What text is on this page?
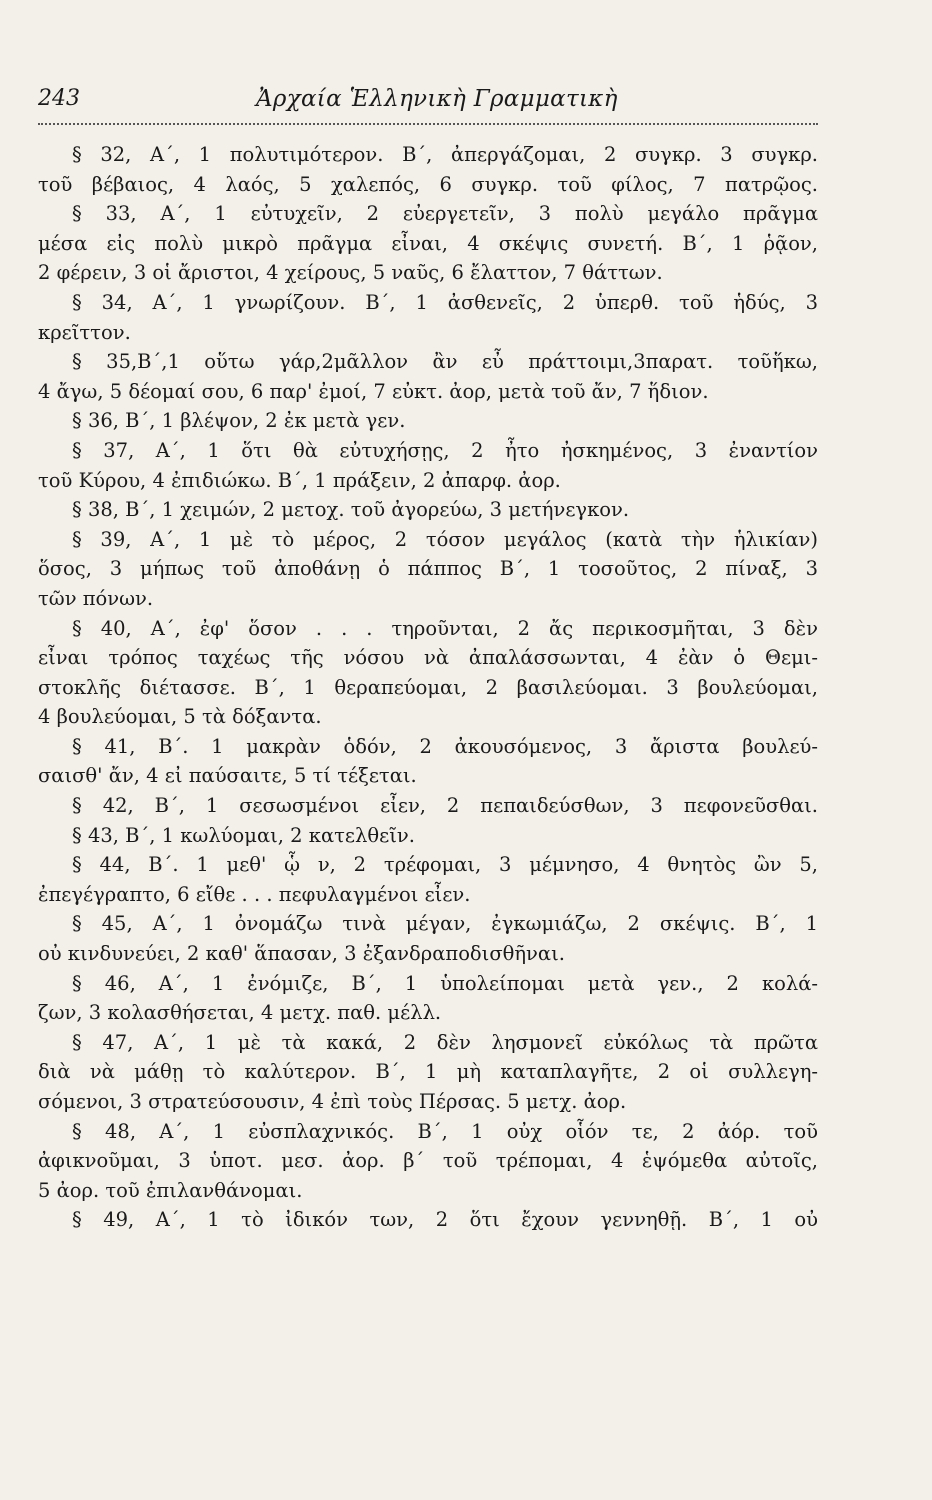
243	Ἀρχαία Ἑλληνικὴ Γραμματικὴ
§ 32, Α΄, 1 πολυτιμότερον. Β΄, ἀπεργάζομαι, 2 συγκρ. 3 συγκρ.
τοῦ βέβαιος, 4 λαός, 5 χαλεπός, 6 συγκρ. τοῦ φίλος, 7 πατρῷος.
§ 33, Α΄, 1 εὐτυχεῖν, 2 εὐεργετεῖν, 3 πολὺ μεγάλο πρᾶγμα
μέσα εἰς πολὺ μικρὸ πρᾶγμα εἶναι, 4 σκέψις συνετή. Β΄, 1 ῥᾷον,
2 φέρειν, 3 οἱ ἄριστοι, 4 χείρους, 5 ναῦς, 6 ἔλαττον, 7 θάττων.
§ 34, Α΄, 1 γνωρίζουν. Β΄, 1 ἀσθενεῖς, 2 ὑπερθ. τοῦ ἡδύς, 3
κρεῖττον.
§ 35,Β΄,1 οὕτω γάρ,2μᾶλλον ἂν εὖ πράττοιμι,3παρατ. τοῦἥκω,
4 ἄγω, 5 δέομαί σου, 6 παρ' ἐμοί, 7 εὐκτ. ἀορ, μετὰ τοῦ ἄν, 7 ἥδιον.
§ 36, Β΄, 1 βλέψον, 2 ἐκ μετὰ γεν.
§ 37, Α΄, 1 ὅτι θὰ εὐτυχήσῃς, 2 ἦτο ἠσκημένος, 3 ἐναντίον
τοῦ Κύρου, 4 ἐπιδιώκω. Β΄, 1 πράξειν, 2 ἀπαρφ. ἀορ.
§ 38, Β΄, 1 χειμών, 2 μετοχ. τοῦ ἀγορεύω, 3 μετήνεγκον.
§ 39, Α΄, 1 μὲ τὸ μέρος, 2 τόσον μεγάλος (κατὰ τὴν ἡλικίαν)
ὅσος, 3 μήπως τοῦ ἀποθάνῃ ὁ πάππος Β΄, 1 τοσοῦτος, 2 πίναξ, 3
τῶν πόνων.
§ 40, Α΄, ἐφ' ὅσον . . . τηροῦνται, 2 ἄς περικοσμῆται, 3 δὲν
εἶναι τρόπος ταχέως τῆς νόσου νὰ ἀπαλάσσωνται, 4 ἐὰν ὁ Θεμι-
στοκλῆς διέτασσε. Β΄, 1 θεραπεύομαι, 2 βασιλεύομαι. 3 βουλεύομαι,
4 βουλεύομαι, 5 τὰ δόξαντα.
§ 41, Β΄. 1 μακρὰν ὁδόν, 2 ἀκουσόμενος, 3 ἄριστα βουλεύ-
σαισθ' ἄν, 4 εἰ παύσαιτε, 5 τί τέξεται.
§ 42, Β΄, 1 σεσωσμένοι εἶεν, 2 πεπαιδεύσθων, 3 πεφονεῦσθαι.
§ 43, Β΄, 1 κωλύομαι, 2 κατελθεῖν.
§ 44, Β΄. 1 μεθ' ᾧ ν, 2 τρέφομαι, 3 μέμνησο, 4 θνητὸς ὢν 5,
ἐπεγέγραπτο, 6 εἴθε . . . πεφυλαγμένοι εἶεν.
§ 45, Α΄, 1 ὀνομάζω τινὰ μέγαν, ἐγκωμιάζω, 2 σκέψις. Β΄, 1
οὐ κινδυνεύει, 2 καθ' ἅπασαν, 3 ἐξανδραποδισθῆναι.
§ 46, Α΄, 1 ἐνόμιζε, Β΄, 1 ὑπολείπομαι μετὰ γεν., 2 κολά-
ζων, 3 κολασθήσεται, 4 μετχ. παθ. μέλλ.
§ 47, Α΄, 1 μὲ τὰ κακά, 2 δὲν λησμονεῖ εὐκόλως τὰ πρῶτα
διὰ νὰ μάθῃ τὸ καλύτερον. Β΄, 1 μὴ καταπλαγῆτε, 2 οἱ συλλεγη-
σόμενοι, 3 στρατεύσουσιν, 4 ἐπὶ τοὺς Πέρσας. 5 μετχ. ἀορ.
§ 48, Α΄, 1 εὐσπλαχνικός. Β΄, 1 οὐχ οἷόν τε, 2 ἀόρ. τοῦ
ἀφικνοῦμαι, 3 ὑποτ. μεσ. ἀορ. β΄ τοῦ τρέπομαι, 4 ἑψόμεθα αὐτοῖς,
5 ἀορ. τοῦ ἐπιλανθάνομαι.
§ 49, Α΄, 1 τὸ ἰδικόν των, 2 ὅτι ἔχουν γεννηθῇ. Β΄, 1 οὐ
